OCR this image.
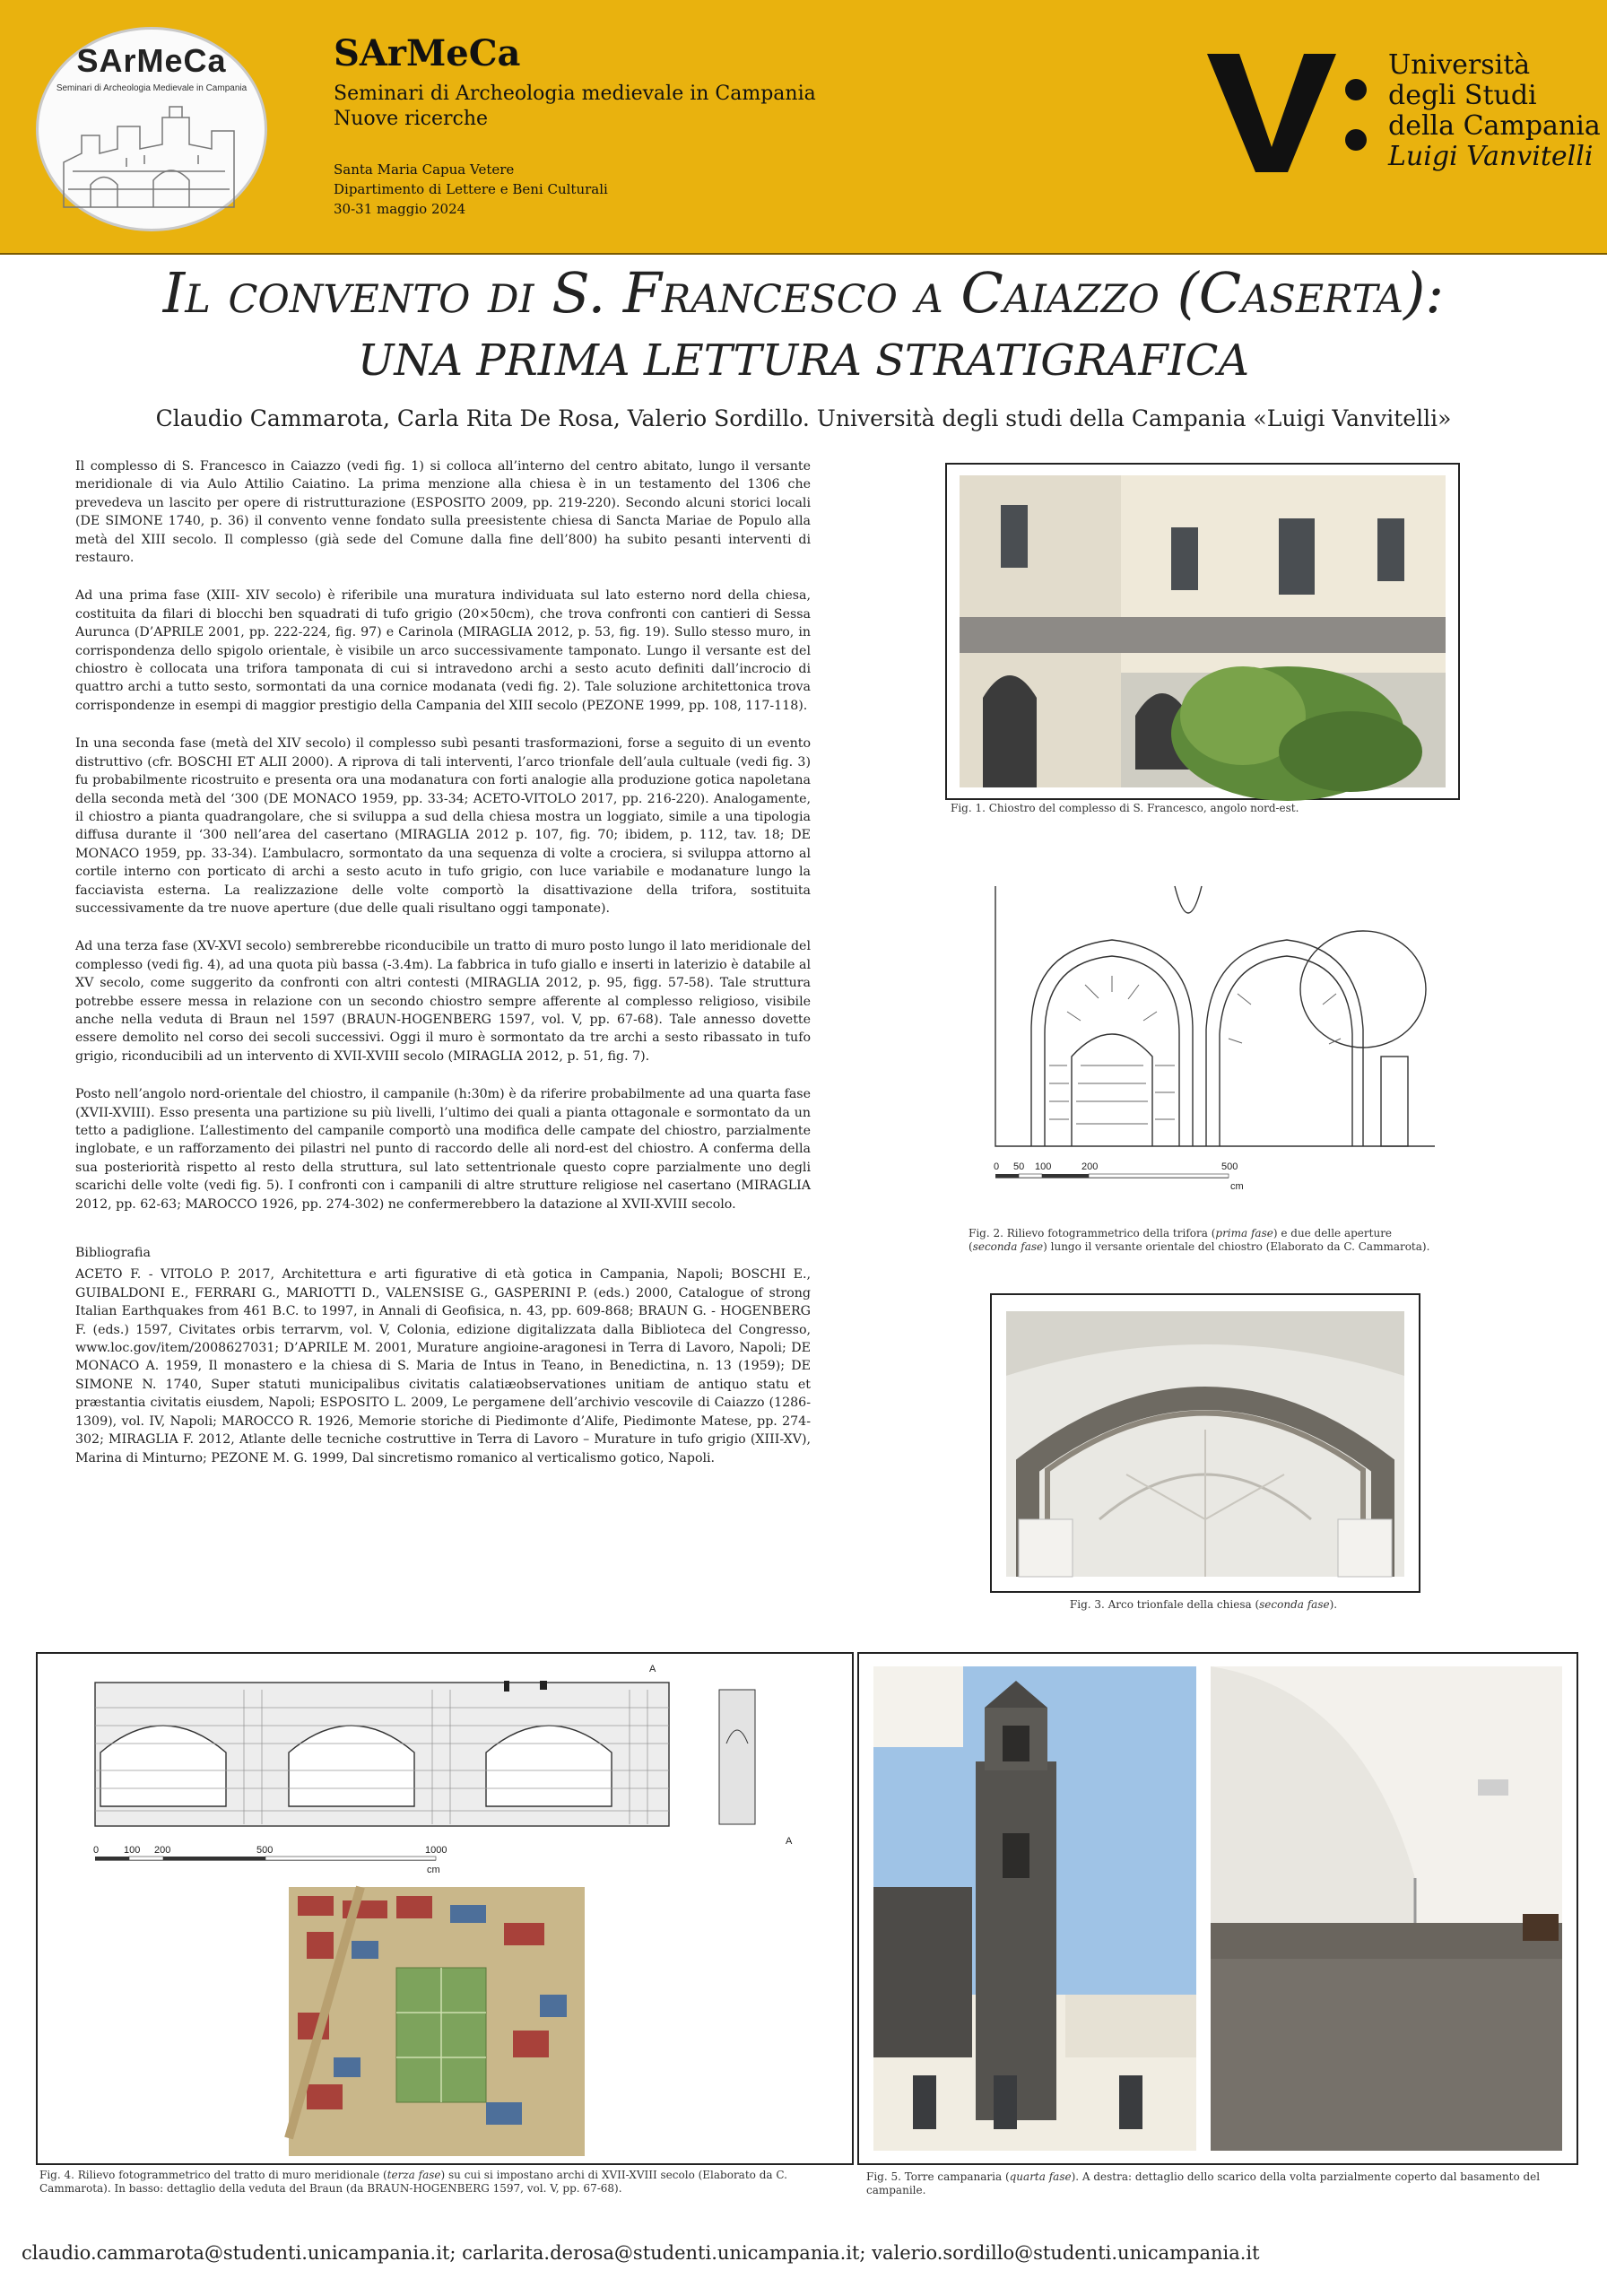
SArMeCa
Seminari di Archeologia Medievale in Campania
SArMeCa
Seminari di Archeologia medievale in Campania
Nuove ricerche
Santa Maria Capua Vetere
Dipartimento di Lettere e Beni Culturali
30-31 maggio 2024
Università
degli Studi
della Campania
Luigi Vanvitelli
Il convento di S. Francesco a Caiazzo (Caserta):
UNA PRIMA LETTURA STRATIGRAFICA
Claudio Cammarota, Carla Rita De Rosa, Valerio Sordillo. Università degli studi della Campania «Luigi Vanvitelli»

Il complesso di S. Francesco in Caiazzo (vedi fig. 1) si colloca all’interno del centro abitato, lungo il versante meridionale di via Aulo Attilio Caiatino. La prima menzione alla chiesa è in un testamento del 1306 che prevedeva un lascito per opere di ristrutturazione (ESPOSITO 2009, pp. 219-220). Secondo alcuni storici locali (DE SIMONE 1740, p. 36) il convento venne fondato sulla preesistente chiesa di Sancta Mariae de Populo alla metà del XIII secolo. Il complesso (già sede del Comune dalla fine dell’800) ha subito pesanti interventi di restauro.

Ad una prima fase (XIII- XIV secolo) è riferibile una muratura individuata sul lato esterno nord della chiesa, costituita da filari di blocchi ben squadrati di tufo grigio (20×50cm), che trova confronti con cantieri di Sessa Aurunca (D’APRILE 2001, pp. 222-224, fig. 97) e Carinola (MIRAGLIA 2012, p. 53, fig. 19). Sullo stesso muro, in corrispondenza dello spigolo orientale, è visibile un arco successivamente tamponato. Lungo il versante est del chiostro è collocata una trifora tamponata di cui si intravedono archi a sesto acuto definiti dall’incrocio di quattro archi a tutto sesto, sormontati da una cornice modanata (vedi fig. 2). Tale soluzione architettonica trova corrispondenze in esempi di maggior prestigio della Campania del XIII secolo (PEZONE 1999, pp. 108, 117-118).

In una seconda fase (metà del XIV secolo) il complesso subì pesanti trasformazioni, forse a seguito di un evento distruttivo (cfr. BOSCHI ET ALII 2000). A riprova di tali interventi, l’arco trionfale dell’aula cultuale (vedi fig. 3) fu probabilmente ricostruito e presenta ora una modanatura con forti analogie alla produzione gotica napoletana della seconda metà del ‘300 (DE MONACO 1959, pp. 33-34; ACETO-VITOLO 2017, pp. 216-220). Analogamente, il chiostro a pianta quadrangolare, che si sviluppa a sud della chiesa mostra un loggiato, simile a una tipologia diffusa durante il ‘300 nell’area del casertano (MIRAGLIA 2012 p. 107, fig. 70; ibidem, p. 112, tav. 18; DE MONACO 1959, pp. 33-34). L’ambulacro, sormontato da una sequenza di volte a crociera, si sviluppa attorno al cortile interno con porticato di archi a sesto acuto in tufo grigio, con luce variabile e modanature lungo la facciavista esterna. La realizzazione delle volte comportò la disattivazione della trifora, sostituita successivamente da tre nuove aperture (due delle quali risultano oggi tamponate).

Ad una terza fase (XV-XVI secolo) sembrerebbe riconducibile un tratto di muro posto lungo il lato meridionale del complesso (vedi fig. 4), ad una quota più bassa (-3.4m). La fabbrica in tufo giallo e inserti in laterizio è databile al XV secolo, come suggerito da confronti con altri contesti (MIRAGLIA 2012, p. 95, figg. 57-58). Tale struttura potrebbe essere messa in relazione con un secondo chiostro sempre afferente al complesso religioso, visibile anche nella veduta di Braun nel 1597 (BRAUN-HOGENBERG 1597, vol. V, pp. 67-68). Tale annesso dovette essere demolito nel corso dei secoli successivi. Oggi il muro è sormontato da tre archi a sesto ribassato in tufo grigio, riconducibili ad un intervento di XVII-XVIII secolo (MIRAGLIA 2012, p. 51, fig. 7).

Posto nell’angolo nord-orientale del chiostro, il campanile (h:30m) è da riferire probabilmente ad una quarta fase (XVII-XVIII). Esso presenta una partizione su più livelli, l’ultimo dei quali a pianta ottagonale e sormontato da un tetto a padiglione. L’allestimento del campanile comportò una modifica delle campate del chiostro, parzialmente inglobate, e un rafforzamento dei pilastri nel punto di raccordo delle ali nord-est del chiostro. A conferma della sua posteriorità rispetto al resto della struttura, sul lato settentrionale questo copre parzialmente uno degli scarichi delle volte (vedi fig. 5). I confronti con i campanili di altre strutture religiose nel casertano (MIRAGLIA 2012, pp. 62-63; MAROCCO 1926, pp. 274-302) ne confermerebbero la datazione al XVII-XVIII secolo.

Bibliografia
ACETO F. - VITOLO P. 2017, Architettura e arti figurative di età gotica in Campania, Napoli; BOSCHI E., GUIBALDONI E., FERRARI G., MARIOTTI D., VALENSISE G., GASPERINI P. (eds.) 2000, Catalogue of strong Italian Earthquakes from 461 B.C. to 1997, in Annali di Geofisica, n. 43, pp. 609-868; BRAUN G. - HOGENBERG F. (eds.) 1597, Civitates orbis terrarvm, vol. V, Colonia, edizione digitalizzata dalla Biblioteca del Congresso, www.loc.gov/item/2008627031; D’APRILE M. 2001, Murature angioine-aragonesi in Terra di Lavoro, Napoli; DE MONACO A. 1959, Il monastero e la chiesa di S. Maria de Intus in Teano, in Benedictina, n. 13 (1959); DE SIMONE N. 1740, Super statuti municipalibus civitatis calatiæobservationes unitiam de antiquo statu et præstantia civitatis eiusdem, Napoli; ESPOSITO L. 2009, Le pergamene dell’archivio vescovile di Caiazzo (1286-1309), vol. IV, Napoli; MAROCCO R. 1926, Memorie storiche di Piedimonte d’Alife, Piedimonte Matese, pp. 274-302; MIRAGLIA F. 2012, Atlante delle tecniche costruttive in Terra di Lavoro – Murature in tufo grigio (XIII-XV), Marina di Minturno; PEZONE M. G. 1999, Dal sincretismo romanico al verticalismo gotico, Napoli.
Fig. 1. Chiostro del complesso di S. Francesco, angolo nord-est.
0 50 100	200	500
cm
Fig. 2. Rilievo fotogrammetrico della trifora (prima fase) e due delle aperture (seconda fase) lungo il versante orientale del chiostro (Elaborato da C. Cammarota).
Fig. 3. Arco trionfale della chiesa (seconda fase).
A
A
0	100 200	500	1000
cm
Fig. 4. Rilievo fotogrammetrico del tratto di muro meridionale (terza fase) su cui si impostano archi di XVII-XVIII secolo (Elaborato da C. Cammarota). In basso: dettaglio della veduta del Braun (da BRAUN-HOGENBERG 1597, vol. V, pp. 67-68).
Fig. 5. Torre campanaria (quarta fase). A destra: dettaglio dello scarico della volta parzialmente coperto dal basamento del campanile.
claudio.cammarota@studenti.unicampania.it; carlarita.derosa@studenti.unicampania.it; valerio.sordillo@studenti.unicampania.it
